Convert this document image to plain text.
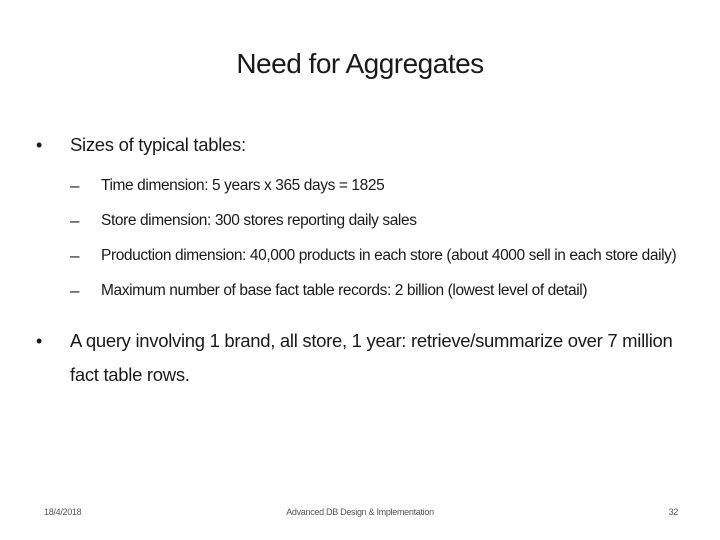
Need for Aggregates
• Sizes of typical tables:
– Time dimension: 5 years x 365 days = 1825
– Store dimension: 300 stores reporting daily sales
– Production dimension: 40,000 products in each store (about 4000 sell in each store daily)
– Maximum number of base fact table records: 2 billion (lowest level of detail)
• A query involving 1 brand, all store, 1 year: retrieve/summarize over 7 million fact table rows.
18/4/2018	Advanced DB Design & Implementation	32
